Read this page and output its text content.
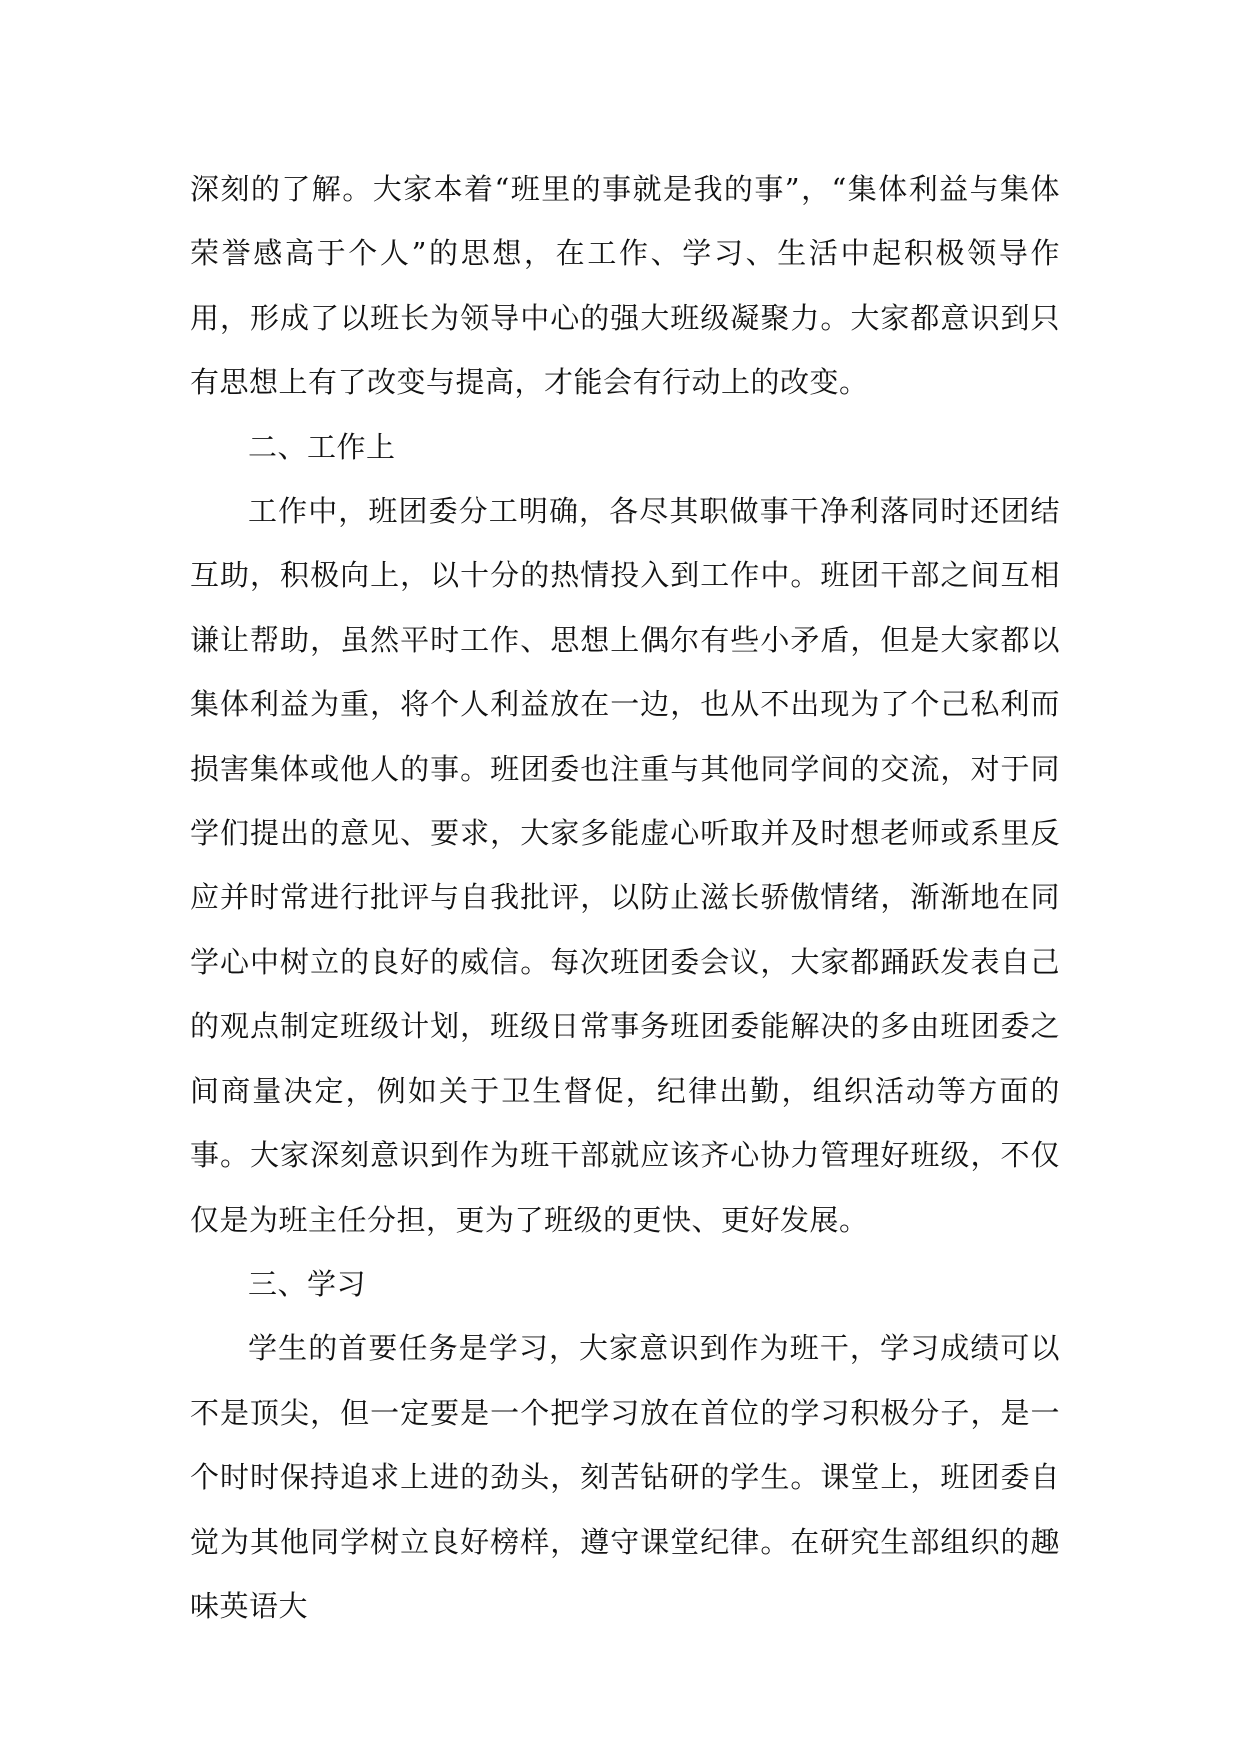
深刻的了解。大家本着“班里的事就是我的事”，“集体利益与集体荣誉感高于个人”的思想，在工作、学习、生活中起积极领导作用，形成了以班长为领导中心的强大班级凝聚力。大家都意识到只有思想上有了改变与提高，才能会有行动上的改变。

二、工作上

工作中，班团委分工明确，各尽其职做事干净利落同时还团结互助，积极向上，以十分的热情投入到工作中。班团干部之间互相谦让帮助，虽然平时工作、思想上偶尔有些小矛盾，但是大家都以集体利益为重，将个人利益放在一边，也从不出现为了个己私利而损害集体或他人的事。班团委也注重与其他同学间的交流，对于同学们提出的意见、要求，大家多能虚心听取并及时想老师或系里反应并时常进行批评与自我批评，以防止滋长骄傲情绪，渐渐地在同学心中树立的良好的威信。每次班团委会议，大家都踊跃发表自己的观点制定班级计划，班级日常事务班团委能解决的多由班团委之间商量决定，例如关于卫生督促，纪律出勤，组织活动等方面的事。大家深刻意识到作为班干部就应该齐心协力管理好班级，不仅仅是为班主任分担，更为了班级的更快、更好发展。

三、学习

学生的首要任务是学习，大家意识到作为班干，学习成绩可以不是顶尖，但一定要是一个把学习放在首位的学习积极分子，是一个时时保持追求上进的劲头，刻苦钻研的学生。课堂上，班团委自觉为其他同学树立良好榜样，遵守课堂纪律。在研究生部组织的趣味英语大
